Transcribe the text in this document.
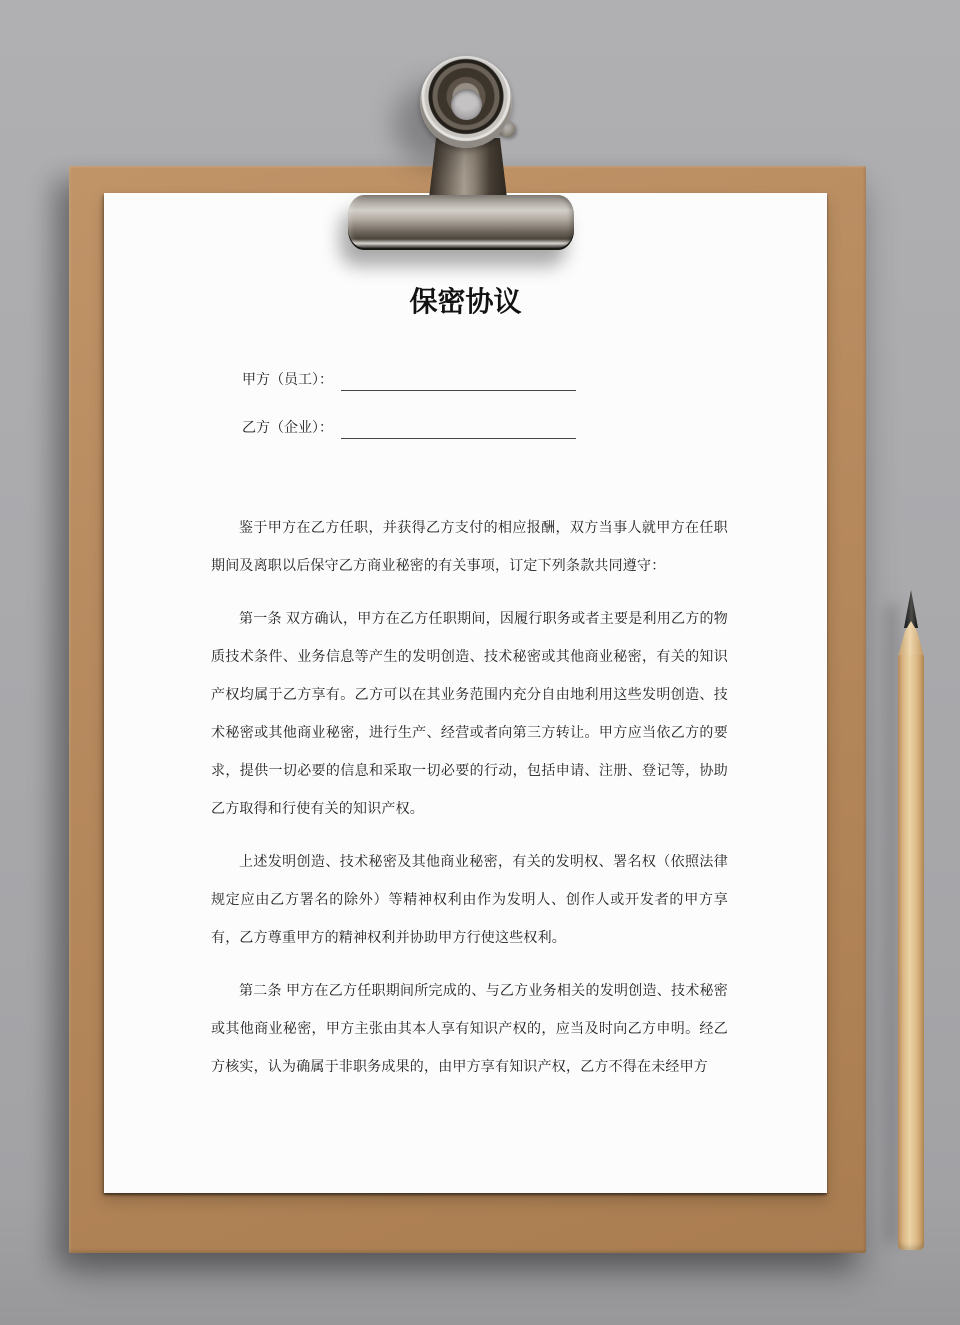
保密协议
甲方（员工）：
乙方（企业）：

鉴于甲方在乙方任职，并获得乙方支付的相应报酬，双方当事人就甲方在任职期间及离职以后保守乙方商业秘密的有关事项，订定下列条款共同遵守：

第一条 双方确认，甲方在乙方任职期间，因履行职务或者主要是利用乙方的物质技术条件、业务信息等产生的发明创造、技术秘密或其他商业秘密，有关的知识产权均属于乙方享有。乙方可以在其业务范围内充分自由地利用这些发明创造、技术秘密或其他商业秘密，进行生产、经营或者向第三方转让。甲方应当依乙方的要求，提供一切必要的信息和采取一切必要的行动，包括申请、注册、登记等，协助乙方取得和行使有关的知识产权。

上述发明创造、技术秘密及其他商业秘密，有关的发明权、署名权（依照法律规定应由乙方署名的除外）等精神权利由作为发明人、创作人或开发者的甲方享有，乙方尊重甲方的精神权利并协助甲方行使这些权利。

第二条 甲方在乙方任职期间所完成的、与乙方业务相关的发明创造、技术秘密或其他商业秘密，甲方主张由其本人享有知识产权的，应当及时向乙方申明。经乙方核实，认为确属于非职务成果的，由甲方享有知识产权，乙方不得在未经甲方
